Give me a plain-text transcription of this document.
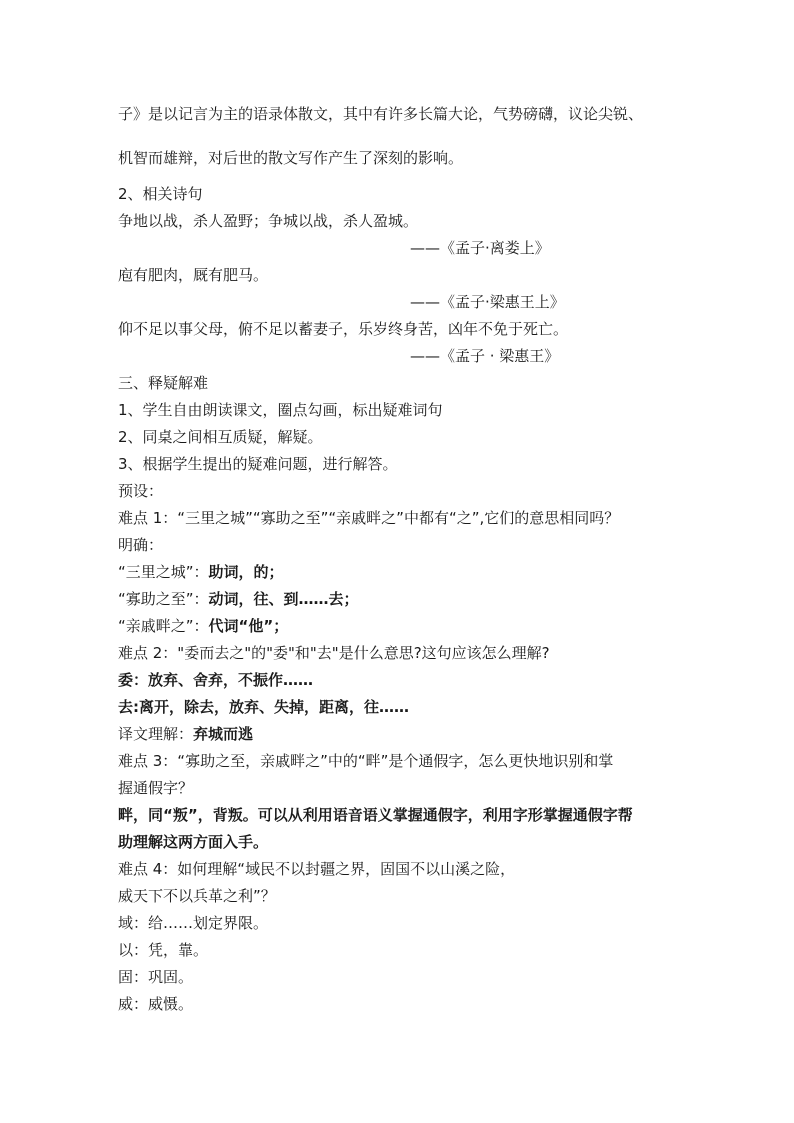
子》是以记言为主的语录体散文，其中有许多长篇大论，气势磅礴，议论尖锐、
机智而雄辩，对后世的散文写作产生了深刻的影响。
2、相关诗句
争地以战，杀人盈野；争城以战，杀人盈城。
——《孟子·离娄上》
庖有肥肉，厩有肥马。
——《孟子·梁惠王上》
仰不足以事父母，俯不足以蓄妻子，乐岁终身苦，凶年不免于死亡。
——《孟子 · 梁惠王》
三、释疑解难
1、学生自由朗读课文，圈点勾画，标出疑难词句
2、同桌之间相互质疑，解疑。
3、根据学生提出的疑难问题，进行解答。
预设：
难点 1：“三里之城”“寡助之至”“亲戚畔之”中都有“之”,它们的意思相同吗？
明确：
“三里之城”：助词，的；
“寡助之至”：动词，往、到……去；
“亲戚畔之”：代词“他”；
难点 2："委而去之"的"委"和"去"是什么意思?这句应该怎么理解?
委：放弃、舍弃，不振作……
去:离开，除去，放弃、失掉，距离，往……
译文理解：弃城而逃
难点 3：“寡助之至，亲戚畔之”中的“畔”是个通假字，怎么更快地识别和掌
握通假字？
畔，同“叛”，背叛。可以从利用语音语义掌握通假字，利用字形掌握通假字帮
助理解这两方面入手。
难点 4：如何理解“域民不以封疆之界，固国不以山溪之险，
威天下不以兵革之利”？
域：给……划定界限。
以：凭，靠。
固：巩固。
威：威慑。
